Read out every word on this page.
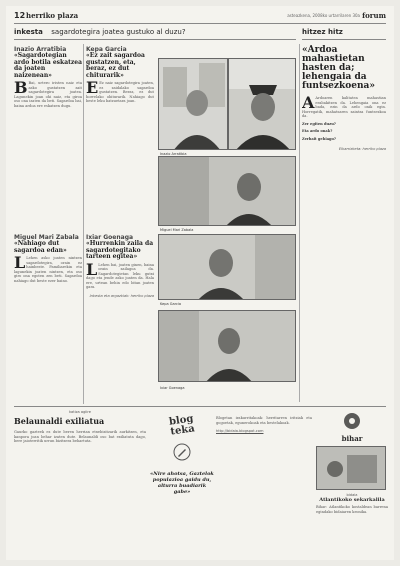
12 herriko plaza	asteazkena, 2008ko urtarrilaren 30a forum
inkesta sagardotegira joatea gustuko al duzu?	hitzez hitz
Inazio Arratibia
«Sagardotegian ardo botila eskatzea da joaten naizenean»
B Bai, urtero iristen naiz eta asko gustatzen zait sagardotegira joatea. Lagunekin joan ohi naiz, eta giroa oso ona izaten da beti. Sagardoa bai, baina ardoa ere eskatzen dugu.
Kepa Garcia
«Ez zait sagardoa gustatzen, eta, beraz, ez dut chiturarik»
E Ez naiz sagardotegira joaten, ez zaidalako sagardoa gustatzen. Beraz, ez dut horrelako ohiturarik. Nahiago dut beste leku batzuetara joan.
Miguel Mari Zabala
«Nahiago dut sagardoa edan»
L Lehen asko joaten nintzen sagardotegira, orain ez hainbeste. Familiarekin eta lagunekin joaten nintzen, eta oso giro ona egoten zen beti. Sagardoa nahiago dut beste ezer baino.
Ixiar Goenaga
«Hurrenkin zaila da sagardotegitako tarteen egitea»
L Lehen bai, joaten ginen, baina orain zailagoa da. Sagardotegietan leku gutxi dago eta jende asko joaten da. Hala ere, urtean behin edo bitan joaten gara.
Inkesta eta argazkiak: herriko plaza
Inazio Arratibia
Miguel Mari Zabala
Kepa Garcia
Ixiar Goenaga
«Ardoa mahastietan hasten da; lehengaia da funtsezkoena»
A Ardoaren kalitatea mahastian erabakitzen da. Lehengaia ona ez bada, ezin da ardo onik egin. Horregatik, mahatsaren zaintza funtsezkoa da.
Zer egiten duzu?
Eta ardo onak?
Zerbait gehiago?
Elkarrizketa: herriko plaza
katiza agiire
Belaunaldi exiliatua
Gaurko gazteek ez dute beren herrian etxebizitzarik aurkitzen, eta kanpora joan behar izaten dute. Belaunaldi oso bat exiliatuta dago, bere jaioterritik urrun bizitzera behartuta.
blog teka
«Nire ahotsa, Gaztelok populazioa gaidu du, alturra buadiarik gabe»
Blogetan irakurritakoak: herritarren iritziak eta gogoetak, egunerokoak eta bestelakoak.
http://bidaia.blogspot.com
bihar
bidaia
Atlantikoko sekarkalila
Bihar: Atlantikoko kostaldean barrena egindako bidaiaren kronika.
